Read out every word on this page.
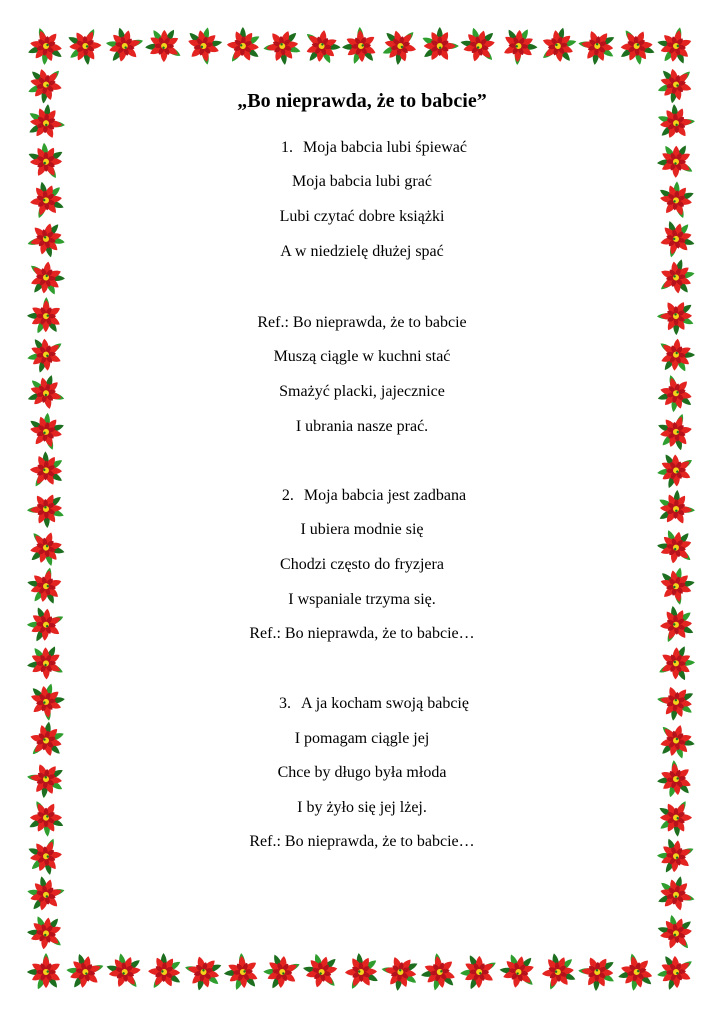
„Bo nieprawda, że to babcie”
1. Moja babcia lubi śpiewać
Moja babcia lubi grać
Lubi czytać dobre książki
A w niedzielę dłużej spać
Ref.: Bo nieprawda, że to babcie
Muszą ciągle w kuchni stać
Smażyć placki, jajecznice
I ubrania nasze prać.
2. Moja babcia jest zadbana
I ubiera modnie się
Chodzi często do fryzjera
I wspaniale trzyma się.
Ref.: Bo nieprawda, że to babcie…
3. A ja kocham swoją babcię
I pomagam ciągle jej
Chce by długo była młoda
I by żyło się jej lżej.
Ref.: Bo nieprawda, że to babcie…
